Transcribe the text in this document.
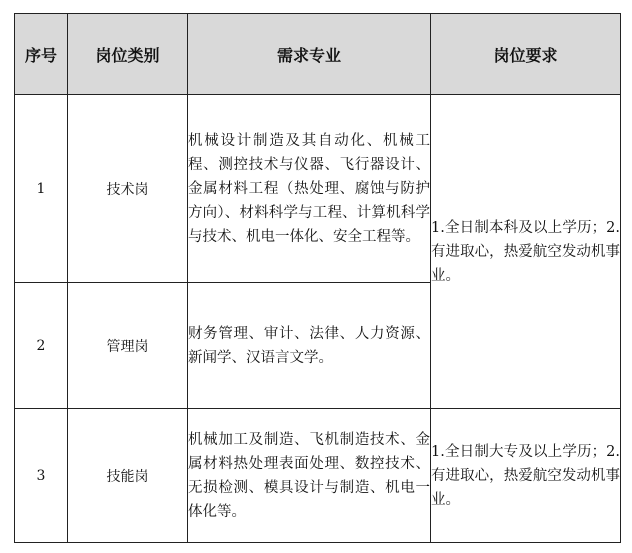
序号	岗位类别	需求专业	岗位要求
1	技术岗	机械设计制造及其自动化、机械工程、测控技术与仪器、飞行器设计、金属材料工程（热处理、腐蚀与防护方向）、材料科学与工程、计算机科学与技术、机电一体化、安全工程等。	1.全日制本科及以上学历；2.有进取心，热爱航空发动机事业。
2	管理岗	财务管理、审计、法律、人力资源、新闻学、汉语言文学。	
3	技能岗	机械加工及制造、飞机制造技术、金属材料热处理表面处理、数控技术、无损检测、模具设计与制造、机电一体化等。	1.全日制大专及以上学历；2.有进取心，热爱航空发动机事业。
